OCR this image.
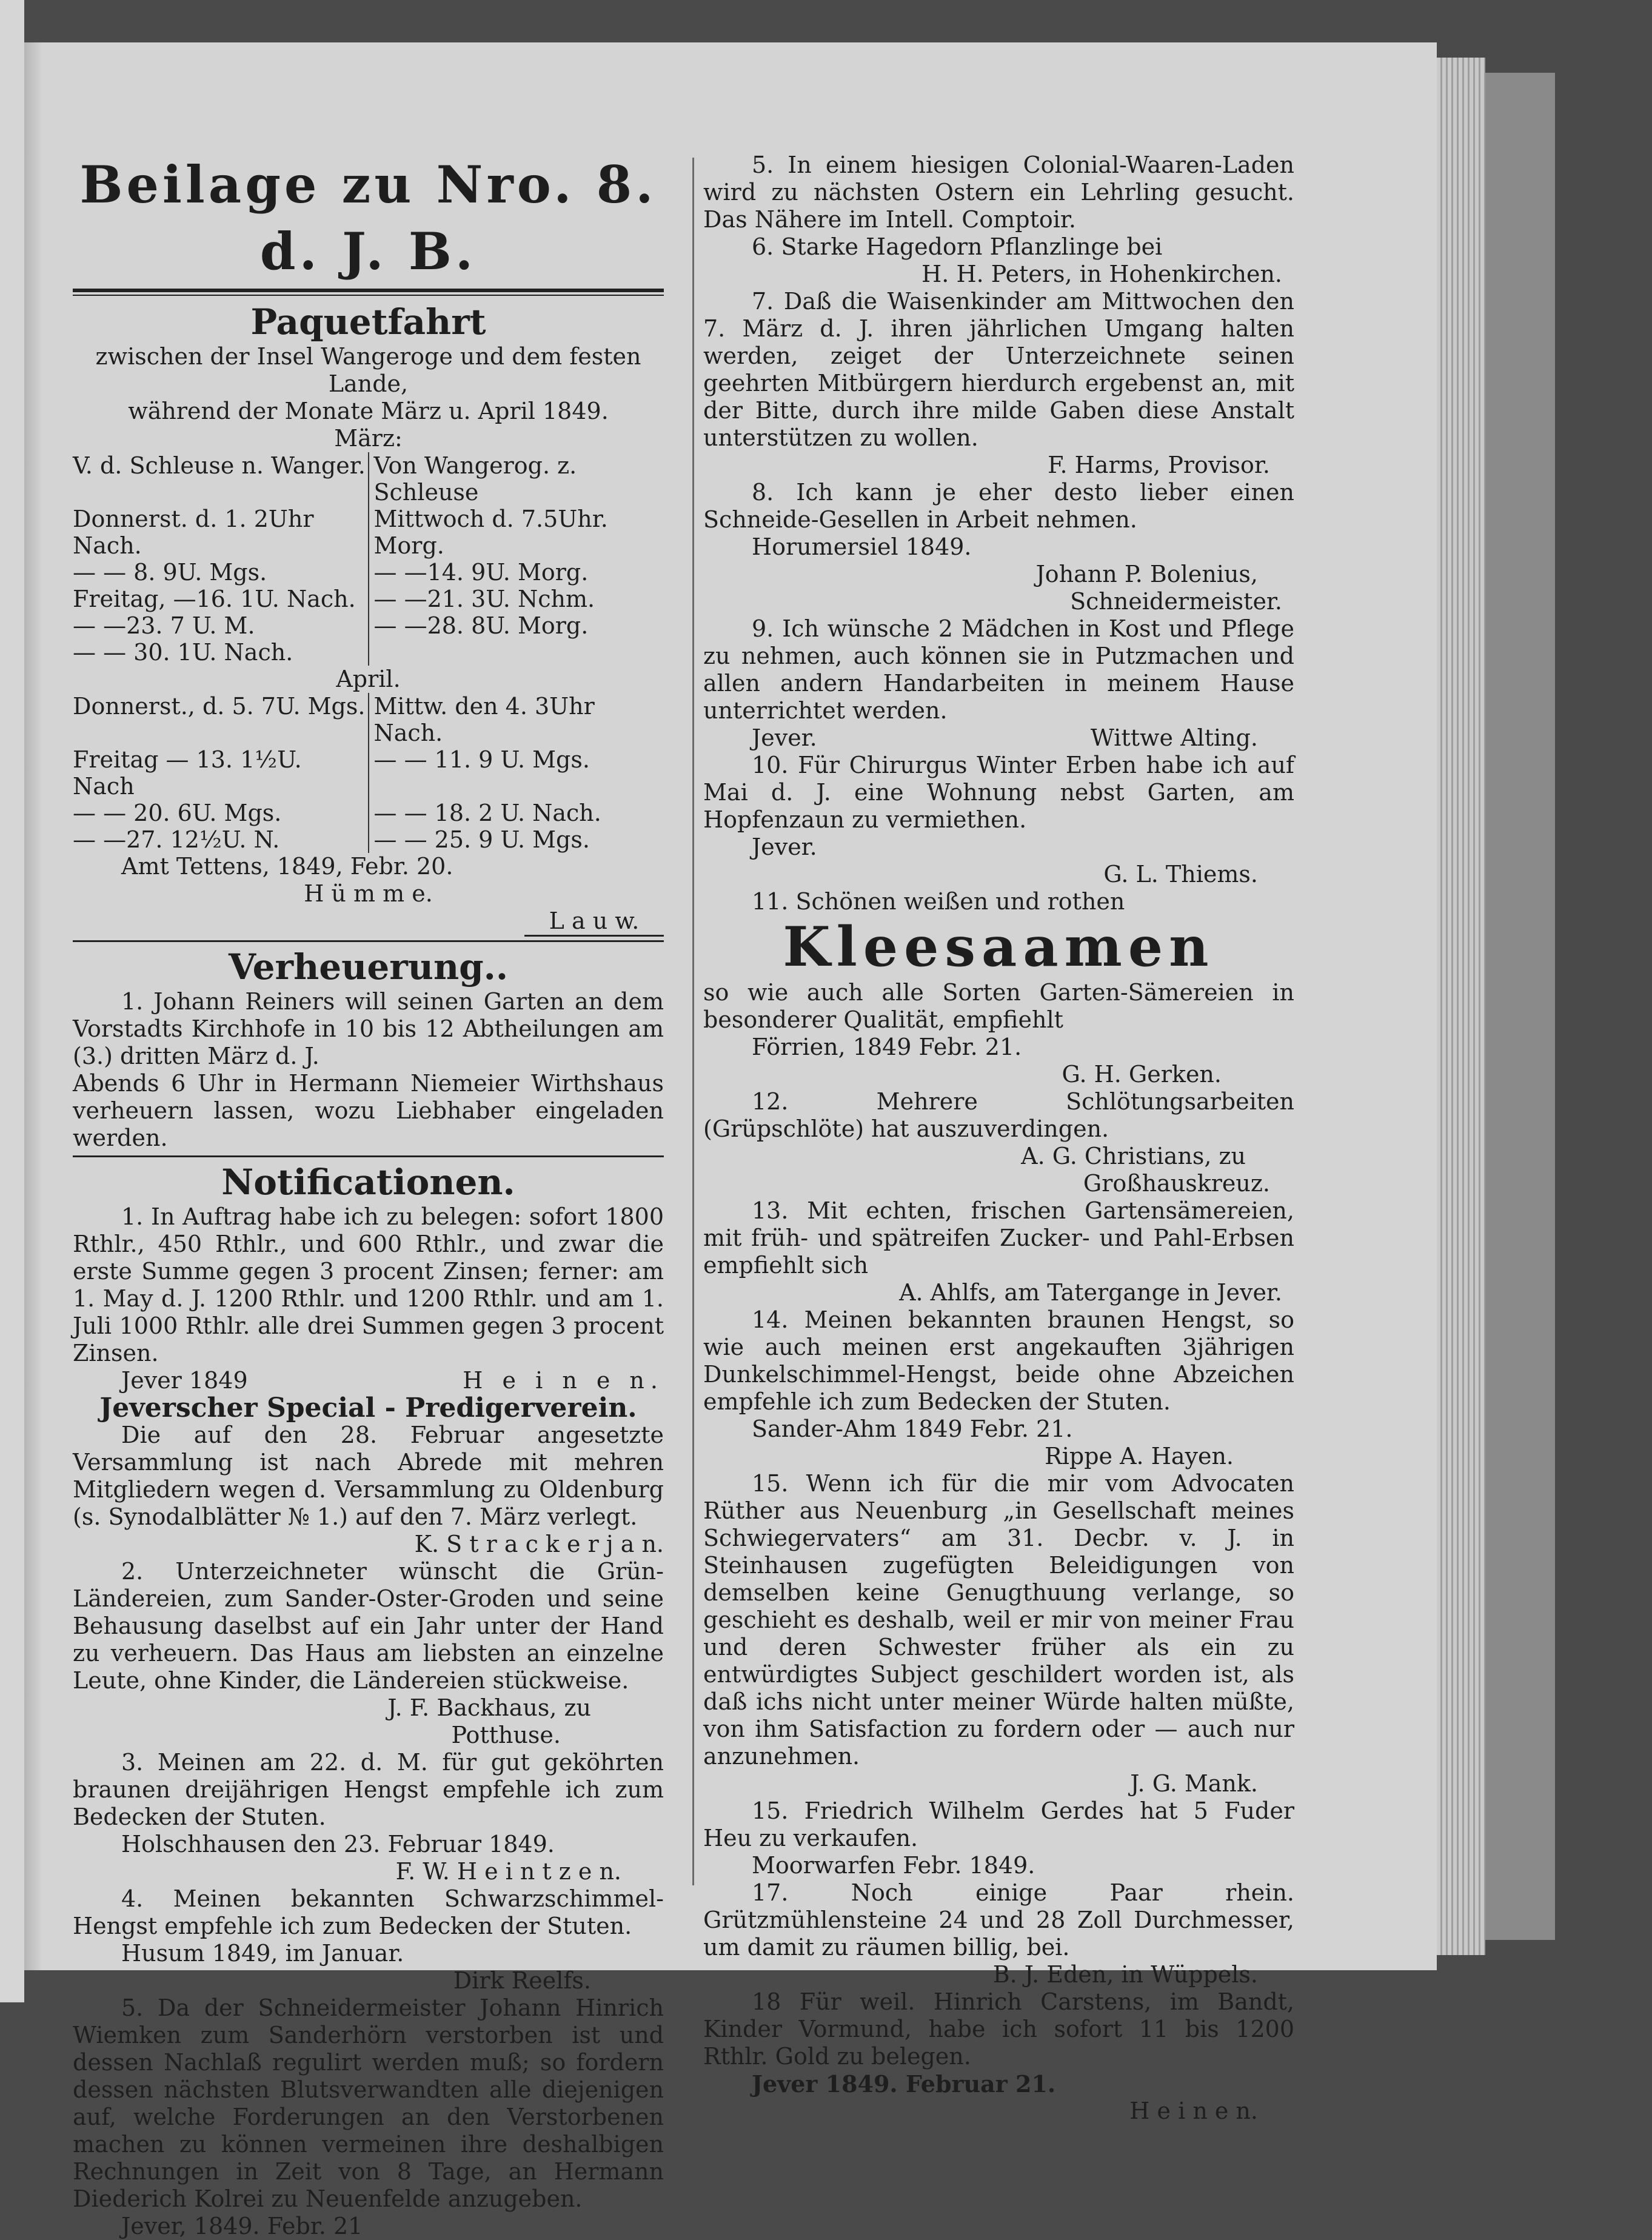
Beilage zu Nro. 8. d. J. B.
Paquetfahrt

zwischen der Insel Wangeroge und dem festen Lande,

während der Monate März u. April 1849.

März:

V. d. Schleuse n. Wanger.	Von Wangerog. z. Schleuse
Donnerst. d. 1. 2Uhr Nach.	Mittwoch d. 7.5Uhr. Morg.
— — 8. 9U. Mgs.	— —14. 9U. Morg.
Freitag, —16. 1U. Nach.	— —21. 3U. Nchm.
— —23. 7 U. M.	— —28. 8U. Morg.
— — 30. 1U. Nach.	

April.

Donnerst., d. 5. 7U. Mgs.	Mittw. den 4. 3Uhr Nach.
Freitag — 13. 1½U. Nach	— — 11. 9 U. Mgs.
— — 20. 6U. Mgs.	— — 18. 2 U. Nach.
— —27. 12½U. N.	— — 25. 9 U. Mgs.

Amt Tettens, 1849, Febr. 20.

H ü m m e.

L a u w.
Verheuerung..

1. Johann Reiners will seinen Garten an dem Vorstadts Kirchhofe in 10 bis 12 Abtheilungen am (3.) dritten März d. J.

Abends 6 Uhr in Hermann Niemeier Wirthshaus verheuern lassen, wozu Liebhaber eingeladen werden.

Notificationen.

1. In Auftrag habe ich zu belegen: sofort 1800 Rthlr., 450 Rthlr., und 600 Rthlr., und zwar die erste Summe gegen 3 procent Zinsen; ferner: am 1. May d. J. 1200 Rthlr. und 1200 Rthlr. und am 1. Juli 1000 Rthlr. alle drei Summen gegen 3 procent Zinsen.

Jever 1849	H e i n e n.

Jeverscher Special - Predigerverein.

Die auf den 28. Februar angesetzte Versammlung ist nach Abrede mit mehren Mitgliedern wegen d. Versammlung zu Oldenburg (s. Synodalblätter № 1.) auf den 7. März verlegt.

K. S t r a c k e r j a n.

2. Unterzeichneter wünscht die Grün-Ländereien, zum Sander-Oster-Groden und seine Behausung daselbst auf ein Jahr unter der Hand zu verheuern. Das Haus am liebsten an einzelne Leute, ohne Kinder, die Ländereien stückweise.

J. F. Backhaus, zu

Potthuse.

3. Meinen am 22. d. M. für gut geköhrten braunen dreijährigen Hengst empfehle ich zum Bedecken der Stuten.

Holschhausen den 23. Februar 1849.

F. W. H e i n t z e n.

4. Meinen bekannten Schwarzschimmel-Hengst empfehle ich zum Bedecken der Stuten.

Husum 1849, im Januar.

Dirk Reelfs.

5. Da der Schneidermeister Johann Hinrich Wiemken zum Sanderhörn verstorben ist und dessen Nachlaß regulirt werden muß; so fordern dessen nächsten Blutsverwandten alle diejenigen auf, welche Forderungen an den Verstorbenen machen zu können vermeinen ihre deshalbigen Rechnungen in Zeit von 8 Tage, an Hermann Diederich Kolrei zu Neuenfelde anzugeben.

Jever, 1849. Febr. 21

5. In einem hiesigen Colonial-Waaren-Laden wird zu nächsten Ostern ein Lehrling gesucht. Das Nähere im Intell. Comptoir.

6. Starke Hagedorn Pflanzlinge bei

H. H. Peters, in Hohenkirchen.

7. Daß die Waisenkinder am Mittwochen den 7. März d. J. ihren jährlichen Umgang halten werden, zeiget der Unterzeichnete seinen geehrten Mitbürgern hierdurch ergebenst an, mit der Bitte, durch ihre milde Gaben diese Anstalt unterstützen zu wollen.

F. Harms, Provisor.

8. Ich kann je eher desto lieber einen Schneide-Gesellen in Arbeit nehmen.

Horumersiel 1849.

Johann P. Bolenius,

Schneidermeister.

9. Ich wünsche 2 Mädchen in Kost und Pflege zu nehmen, auch können sie in Putzmachen und allen andern Handarbeiten in meinem Hause unterrichtet werden.

Jever.	Wittwe Alting.

10. Für Chirurgus Winter Erben habe ich auf Mai d. J. eine Wohnung nebst Garten, am Hopfenzaun zu vermiethen.

Jever.

G. L. Thiems.

11. Schönen weißen und rothen

Kleesaamen

so wie auch alle Sorten Garten-Sämereien in besonderer Qualität, empfiehlt

Förrien, 1849 Febr. 21.

G. H. Gerken.

12. Mehrere Schlötungsarbeiten (Grüpschlöte) hat auszuverdingen.

A. G. Christians, zu

Großhauskreuz.

13. Mit echten, frischen Gartensämereien, mit früh- und spätreifen Zucker- und Pahl-Erbsen empfiehlt sich

A. Ahlfs, am Tatergange in Jever.

14. Meinen bekannten braunen Hengst, so wie auch meinen erst angekauften 3jährigen Dunkelschimmel-Hengst, beide ohne Abzeichen empfehle ich zum Bedecken der Stuten.

Sander-Ahm 1849 Febr. 21.

Rippe A. Hayen.

15. Wenn ich für die mir vom Advocaten Rüther aus Neuenburg „in Gesellschaft meines Schwiegervaters“ am 31. Decbr. v. J. in Steinhausen zugefügten Beleidigungen von demselben keine Genugthuung verlange, so geschieht es deshalb, weil er mir von meiner Frau und deren Schwester früher als ein zu entwürdigtes Subject geschildert worden ist, als daß ichs nicht unter meiner Würde halten müßte, von ihm Satisfaction zu fordern oder — auch nur anzunehmen.

J. G. Mank.

15. Friedrich Wilhelm Gerdes hat 5 Fuder Heu zu verkaufen.

Moorwarfen Febr. 1849.

17. Noch einige Paar rhein. Grützmühlensteine 24 und 28 Zoll Durchmesser, um damit zu räumen billig, bei.

B. J. Eden, in Wüppels.

18 Für weil. Hinrich Carstens, im Bandt, Kinder Vormund, habe ich sofort 11 bis 1200 Rthlr. Gold zu belegen.

Jever 1849. Februar 21.

H e i n e n.
